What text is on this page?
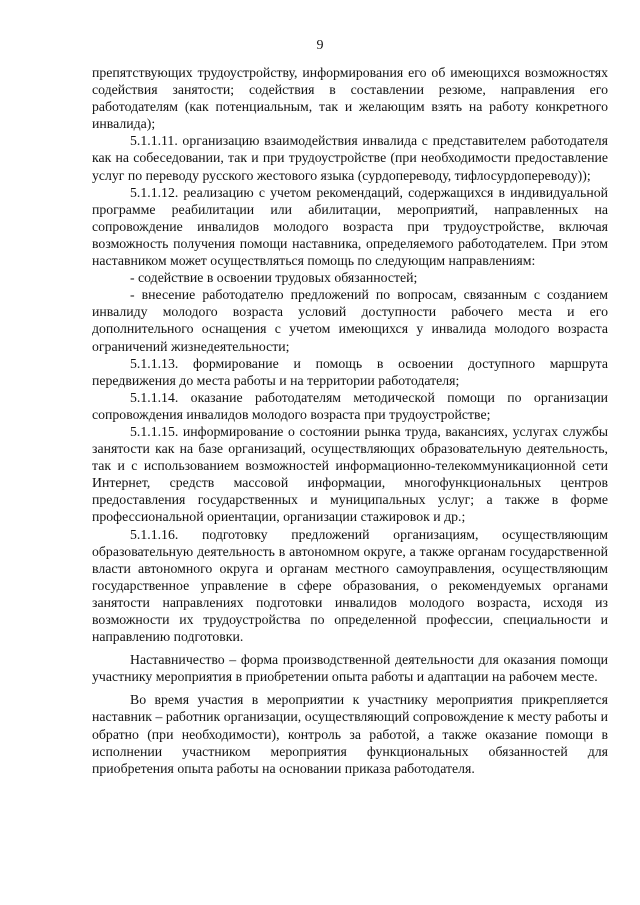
9

препятствующих трудоустройству, информирования его об имеющихся возможностях содействия занятости; содействия в составлении резюме, направления его работодателям (как потенциальным, так и желающим взять на работу конкретного инвалида);

5.1.1.11. организацию взаимодействия инвалида с представителем работодателя как на собеседовании, так и при трудоустройстве (при необходимости предоставление услуг по переводу русского жестового языка (сурдопереводу, тифлосурдопереводу));

5.1.1.12. реализацию с учетом рекомендаций, содержащихся в индивидуальной программе реабилитации или абилитации, мероприятий, направленных на сопровождение инвалидов молодого возраста при трудоустройстве, включая возможность получения помощи наставника, определяемого работодателем. При этом наставником может осуществляться помощь по следующим направлениям:

- содействие в освоении трудовых обязанностей;

- внесение работодателю предложений по вопросам, связанным с созданием инвалиду молодого возраста условий доступности рабочего места и его дополнительного оснащения с учетом имеющихся у инвалида молодого возраста ограничений жизнедеятельности;

5.1.1.13. формирование и помощь в освоении доступного маршрута передвижения до места работы и на территории работодателя;

5.1.1.14. оказание работодателям методической помощи по организации сопровождения инвалидов молодого возраста при трудоустройстве;

5.1.1.15. информирование о состоянии рынка труда, вакансиях, услугах службы занятости как на базе организаций, осуществляющих образовательную деятельность, так и с использованием возможностей информационно-телекоммуникационной сети Интернет, средств массовой информации, многофункциональных центров предоставления государственных и муниципальных услуг; а также в форме профессиональной ориентации, организации стажировок и др.;

5.1.1.16. подготовку предложений организациям, осуществляющим образовательную деятельность в автономном округе, а также органам государственной власти автономного округа и органам местного самоуправления, осуществляющим государственное управление в сфере образования, о рекомендуемых органами занятости направлениях подготовки инвалидов молодого возраста, исходя из возможности их трудоустройства по определенной профессии, специальности и направлению подготовки.

Наставничество – форма производственной деятельности для оказания помощи участнику мероприятия в приобретении опыта работы и адаптации на рабочем месте.

Во время участия в мероприятии к участнику мероприятия прикрепляется наставник – работник организации, осуществляющий сопровождение к месту работы и обратно (при необходимости), контроль за работой, а также оказание помощи в исполнении участником мероприятия функциональных обязанностей для приобретения опыта работы на основании приказа работодателя.
